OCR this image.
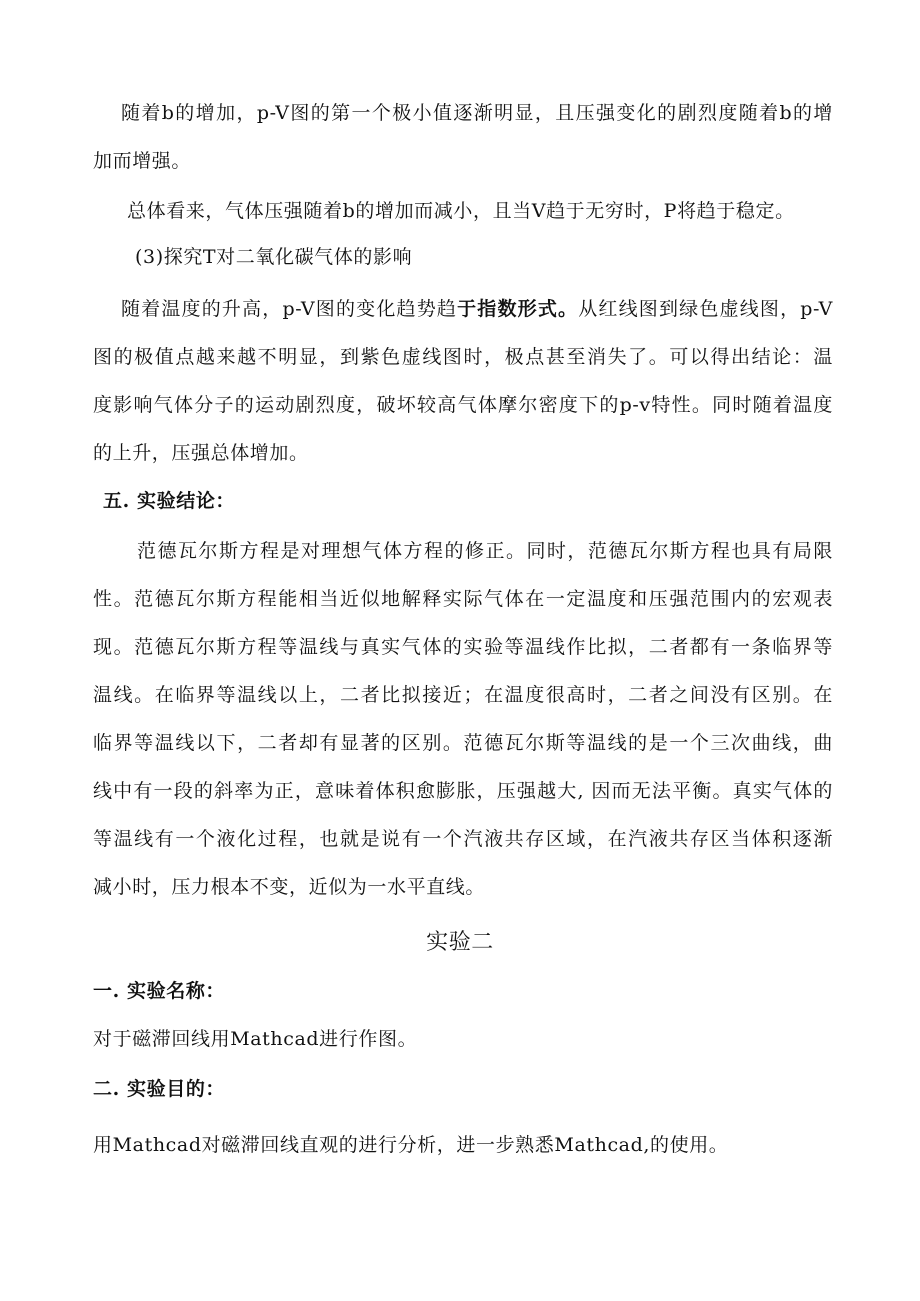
随着b的增加，p-V图的第一个极小值逐渐明显，且压强变化的剧烈度随着b的增
加而增强。
总体看来，气体压强随着b的增加而减小，且当V趋于无穷时，P将趋于稳定。
(3)探究T对二氧化碳气体的影响
随着温度的升高，p-V图的变化趋势趋于指数形式。从红线图到绿色虚线图，p-V
图的极值点越来越不明显，到紫色虚线图时，极点甚至消失了。可以得出结论：温
度影响气体分子的运动剧烈度，破坏较高气体摩尔密度下的p-v特性。同时随着温度
的上升，压强总体增加。
五. 实验结论：
范德瓦尔斯方程是对理想气体方程的修正。同时，范德瓦尔斯方程也具有局限
性。范德瓦尔斯方程能相当近似地解释实际气体在一定温度和压强范围内的宏观表
现。范德瓦尔斯方程等温线与真实气体的实验等温线作比拟，二者都有一条临界等
温线。在临界等温线以上，二者比拟接近；在温度很高时，二者之间没有区别。在
临界等温线以下，二者却有显著的区别。范德瓦尔斯等温线的是一个三次曲线，曲
线中有一段的斜率为正，意味着体积愈膨胀，压强越大, 因而无法平衡。真实气体的
等温线有一个液化过程，也就是说有一个汽液共存区域，在汽液共存区当体积逐渐
减小时，压力根本不变，近似为一水平直线。
实验二
一. 实验名称：
对于磁滞回线用Mathcad进行作图。
二. 实验目的：
用Mathcad对磁滞回线直观的进行分析，进一步熟悉Mathcad,的使用。
